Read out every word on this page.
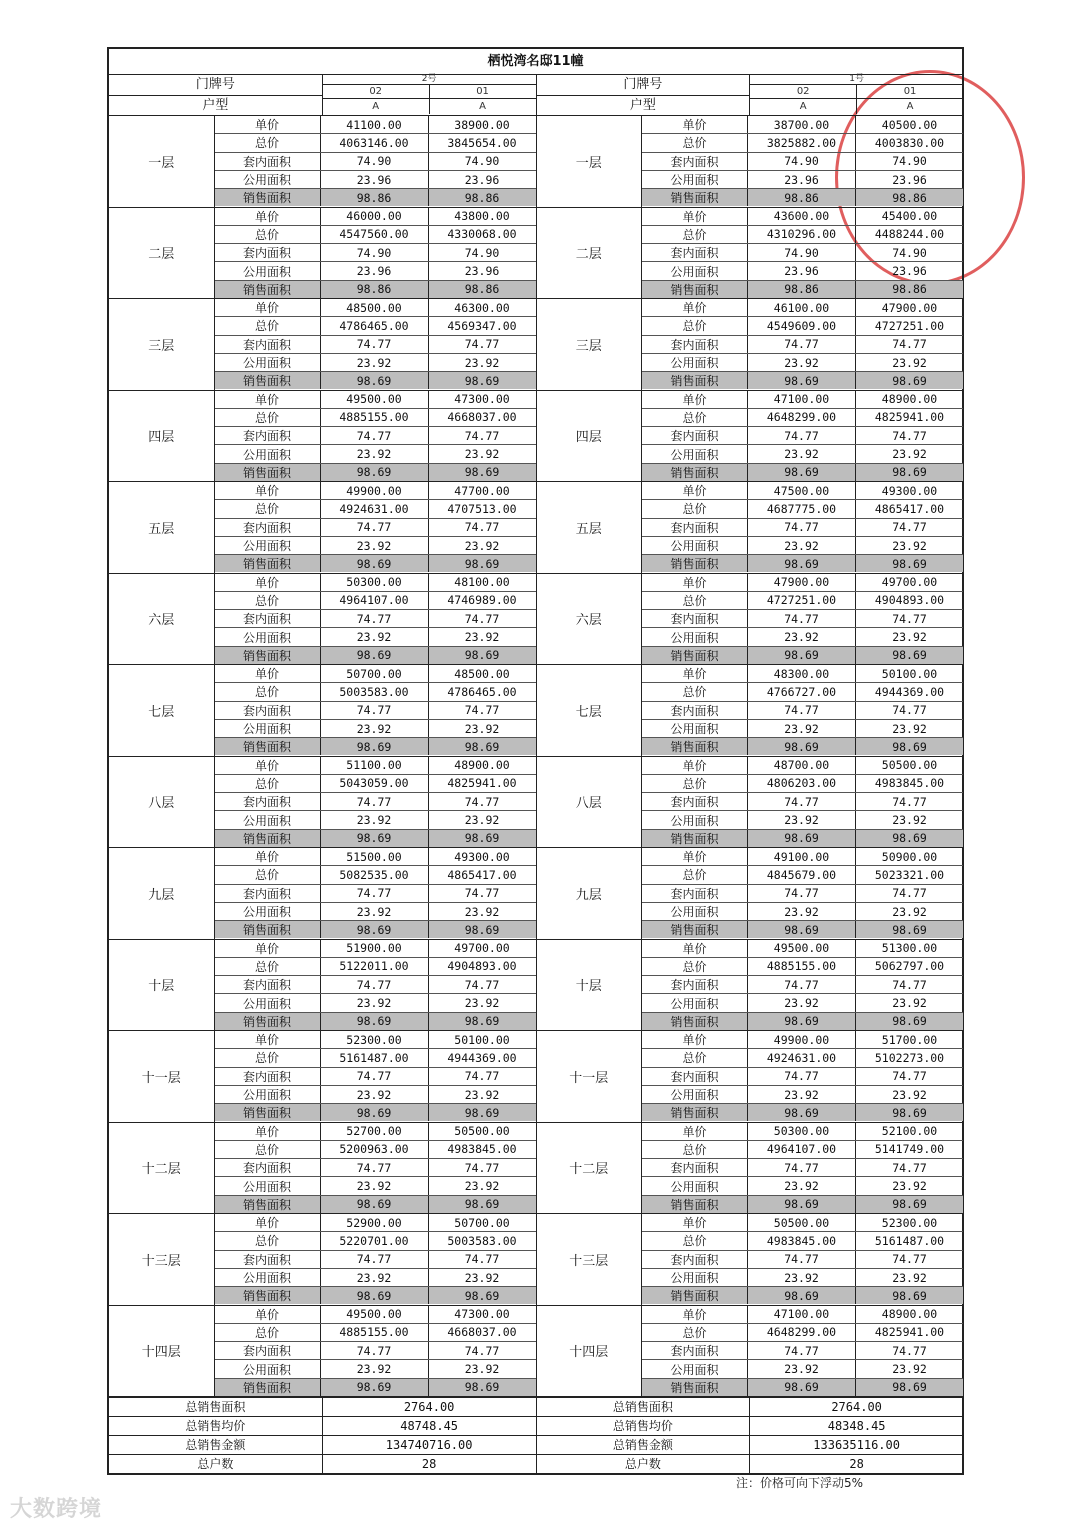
栖悦湾名邸11幢
门牌号
户型
2号
02	01
A	A
一层
单价	41100.00	38900.00
总价	4063146.00	3845654.00
套内面积	74.90	74.90
公用面积	23.96	23.96
销售面积	98.86	98.86
二层
单价	46000.00	43800.00
总价	4547560.00	4330068.00
套内面积	74.90	74.90
公用面积	23.96	23.96
销售面积	98.86	98.86
三层
单价	48500.00	46300.00
总价	4786465.00	4569347.00
套内面积	74.77	74.77
公用面积	23.92	23.92
销售面积	98.69	98.69
四层
单价	49500.00	47300.00
总价	4885155.00	4668037.00
套内面积	74.77	74.77
公用面积	23.92	23.92
销售面积	98.69	98.69
五层
单价	49900.00	47700.00
总价	4924631.00	4707513.00
套内面积	74.77	74.77
公用面积	23.92	23.92
销售面积	98.69	98.69
六层
单价	50300.00	48100.00
总价	4964107.00	4746989.00
套内面积	74.77	74.77
公用面积	23.92	23.92
销售面积	98.69	98.69
七层
单价	50700.00	48500.00
总价	5003583.00	4786465.00
套内面积	74.77	74.77
公用面积	23.92	23.92
销售面积	98.69	98.69
八层
单价	51100.00	48900.00
总价	5043059.00	4825941.00
套内面积	74.77	74.77
公用面积	23.92	23.92
销售面积	98.69	98.69
九层
单价	51500.00	49300.00
总价	5082535.00	4865417.00
套内面积	74.77	74.77
公用面积	23.92	23.92
销售面积	98.69	98.69
十层
单价	51900.00	49700.00
总价	5122011.00	4904893.00
套内面积	74.77	74.77
公用面积	23.92	23.92
销售面积	98.69	98.69
十一层
单价	52300.00	50100.00
总价	5161487.00	4944369.00
套内面积	74.77	74.77
公用面积	23.92	23.92
销售面积	98.69	98.69
十二层
单价	52700.00	50500.00
总价	5200963.00	4983845.00
套内面积	74.77	74.77
公用面积	23.92	23.92
销售面积	98.69	98.69
十三层
单价	52900.00	50700.00
总价	5220701.00	5003583.00
套内面积	74.77	74.77
公用面积	23.92	23.92
销售面积	98.69	98.69
十四层
单价	49500.00	47300.00
总价	4885155.00	4668037.00
套内面积	74.77	74.77
公用面积	23.92	23.92
销售面积	98.69	98.69
总销售面积	2764.00
总销售均价	48748.45
总销售金额	134740716.00
总户数	28
门牌号
户型
1号
02	01
A	A
一层
单价	38700.00	40500.00
总价	3825882.00	4003830.00
套内面积	74.90	74.90
公用面积	23.96	23.96
销售面积	98.86	98.86
二层
单价	43600.00	45400.00
总价	4310296.00	4488244.00
套内面积	74.90	74.90
公用面积	23.96	23.96
销售面积	98.86	98.86
三层
单价	46100.00	47900.00
总价	4549609.00	4727251.00
套内面积	74.77	74.77
公用面积	23.92	23.92
销售面积	98.69	98.69
四层
单价	47100.00	48900.00
总价	4648299.00	4825941.00
套内面积	74.77	74.77
公用面积	23.92	23.92
销售面积	98.69	98.69
五层
单价	47500.00	49300.00
总价	4687775.00	4865417.00
套内面积	74.77	74.77
公用面积	23.92	23.92
销售面积	98.69	98.69
六层
单价	47900.00	49700.00
总价	4727251.00	4904893.00
套内面积	74.77	74.77
公用面积	23.92	23.92
销售面积	98.69	98.69
七层
单价	48300.00	50100.00
总价	4766727.00	4944369.00
套内面积	74.77	74.77
公用面积	23.92	23.92
销售面积	98.69	98.69
八层
单价	48700.00	50500.00
总价	4806203.00	4983845.00
套内面积	74.77	74.77
公用面积	23.92	23.92
销售面积	98.69	98.69
九层
单价	49100.00	50900.00
总价	4845679.00	5023321.00
套内面积	74.77	74.77
公用面积	23.92	23.92
销售面积	98.69	98.69
十层
单价	49500.00	51300.00
总价	4885155.00	5062797.00
套内面积	74.77	74.77
公用面积	23.92	23.92
销售面积	98.69	98.69
十一层
单价	49900.00	51700.00
总价	4924631.00	5102273.00
套内面积	74.77	74.77
公用面积	23.92	23.92
销售面积	98.69	98.69
十二层
单价	50300.00	52100.00
总价	4964107.00	5141749.00
套内面积	74.77	74.77
公用面积	23.92	23.92
销售面积	98.69	98.69
十三层
单价	50500.00	52300.00
总价	4983845.00	5161487.00
套内面积	74.77	74.77
公用面积	23.92	23.92
销售面积	98.69	98.69
十四层
单价	47100.00	48900.00
总价	4648299.00	4825941.00
套内面积	74.77	74.77
公用面积	23.92	23.92
销售面积	98.69	98.69
总销售面积	2764.00
总销售均价	48348.45
总销售金额	133635116.00
总户数	28
注：价格可向下浮动5%
大数跨境
